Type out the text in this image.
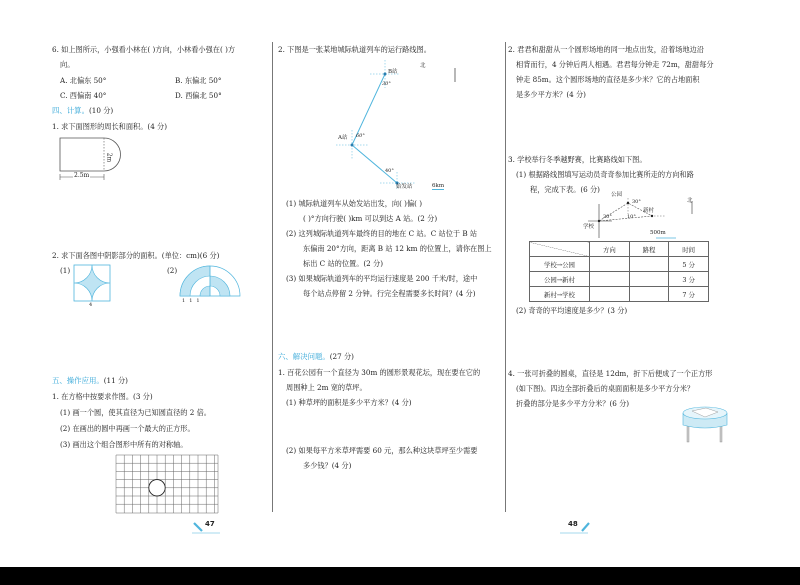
6. 如上图所示，小强看小林在( )方向，小林看小强在( )方
向。
A. 北偏东 50°	B. 东偏北 50°
C. 西偏南 40°	D. 西偏北 50°
四、计算。(10 分)
1. 求下面图形的周长和面积。(4 分)
2.5m
2m
2. 求下面各图中阴影部分的面积。(单位：cm)(6 分)
(1)
4
(2)
111
五、操作应用。(11 分)
1. 在方格中按要求作图。(3 分)
(1) 画一个圆，使其直径为已知圆直径的 2 倍。
(2) 在画出的圆中再画一个最大的正方形。
(3) 画出这个组合图形中所有的对称轴。
47
2. 下图是一张某地城际轨道列车的运行路线图。
B站
北
30°
A站 60°
40°
始发站	6km
(1) 城际轨道列车从始发站出发，向( )偏( )
( )°方向行驶( )km 可以到达 A 站。(2 分)
(2) 这列城际轨道列车最终的目的地在 C 站。C 站位于 B 站
东偏南 20°方向，距离 B 站 12 km 的位置上，请你在图上
标出 C 站的位置。(2 分)
(3) 如果城际轨道列车的平均运行速度是 200 千米/时，途中
每个站点停留 2 分钟。行完全程需要多长时间？(4 分)
六、解决问题。(27 分)
1. 百花公园有一个直径为 30m 的圆形景观花坛，现在要在它的
周围种上 2m 宽的草坪。
(1) 种草坪的面积是多少平方米？(4 分)
(2) 如果每平方米草坪需要 60 元，那么种这块草坪至少需要
多少钱？(4 分)
2. 君君和甜甜从一个圆形场地的同一地点出发，沿着场地边沿
相背而行，4 分钟后两人相遇。君君每分钟走 72m，甜甜每分
钟走 85m。这个圆形场地的直径是多少米？它的占地面积
是多少平方米？(4 分)
3. 学校举行冬季越野赛，比赛路线如下图。
(1) 根据路线图填写运动员奇奇参加比赛所走的方向和路
程，完成下表。(6 分)
公园
30°
新村
10°
30°
学校
北
500m
	方向	路程	时间
学校→公园			5 分
公园→新村			3 分
新村→学校			7 分
(2) 奇奇的平均速度是多少？(3 分)
4. 一张可折叠的圆桌，直径是 12dm，折下后便成了一个正方形
(如下图)。四边全部折叠后的桌面面积是多少平方分米？
折叠的部分是多少平方分米？(6 分)
48
